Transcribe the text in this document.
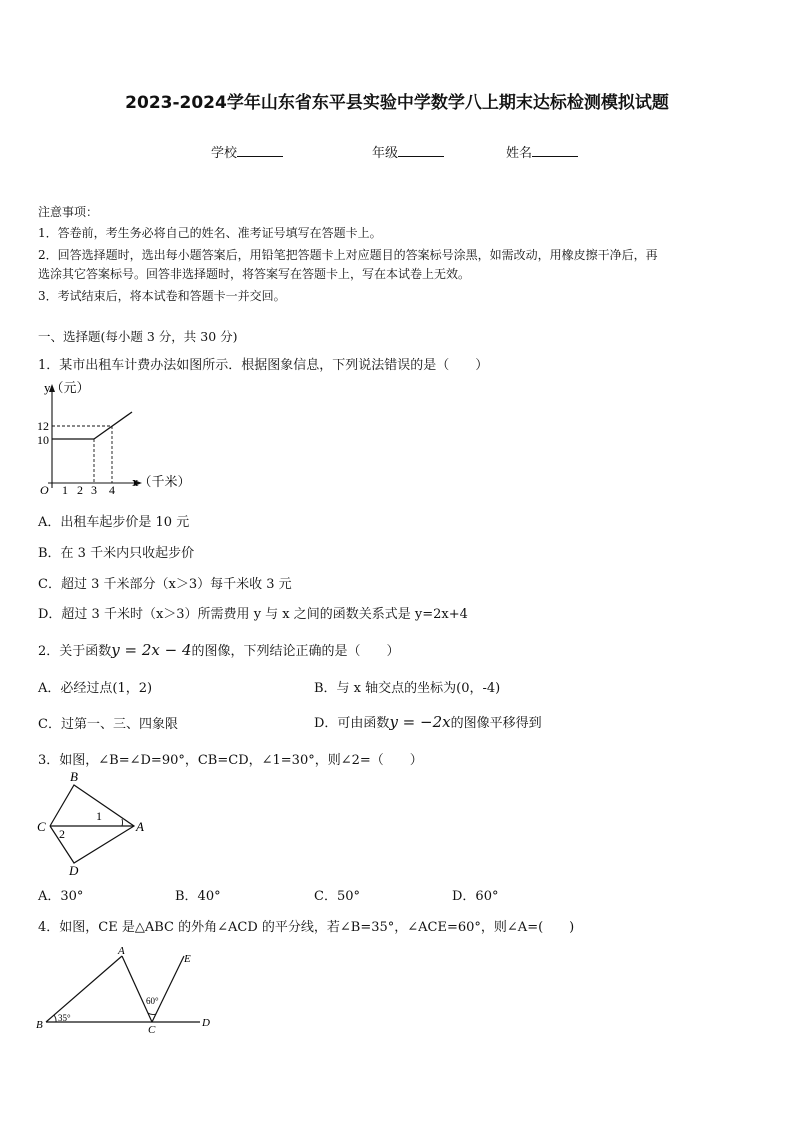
2023-2024学年山东省东平县实验中学数学八上期末达标检测模拟试题
学校	年级	姓名
注意事项：
1．答卷前，考生务必将自己的姓名、准考证号填写在答题卡上。
2．回答选择题时，选出每小题答案后，用铅笔把答题卡上对应题目的答案标号涂黑，如需改动，用橡皮擦干净后，再
选涂其它答案标号。回答非选择题时，将答案写在答题卡上，写在本试卷上无效。
3．考试结束后，将本试卷和答题卡一并交回。
一、选择题(每小题 3 分，共 30 分)
1．某市出租车计费办法如图所示．根据图象信息，下列说法错误的是（　　）
y（元）
12
10
O 1 2 3 4
x（千米）
A．出租车起步价是 10 元
B．在 3 千米内只收起步价
C．超过 3 千米部分（x＞3）每千米收 3 元
D．超过 3 千米时（x＞3）所需费用 y 与 x 之间的函数关系式是 y=2x+4
2．关于函数y = 2x − 4的图像，下列结论正确的是（　　）
A．必经过点(1，2)	B．与 x 轴交点的坐标为(0，-4)
C．过第一、三、四象限	D．可由函数y = −2x的图像平移得到
3．如图，∠B=∠D=90°，CB=CD，∠1=30°，则∠2=（　　）
B
C	A
D
1
2
A．30°	B．40°	C．50°	D．60°
4．如图，CE 是△ABC 的外角∠ACD 的平分线，若∠B=35°，∠ACE=60°，则∠A=(　　)
A
B	C
D
E
35°
60°
